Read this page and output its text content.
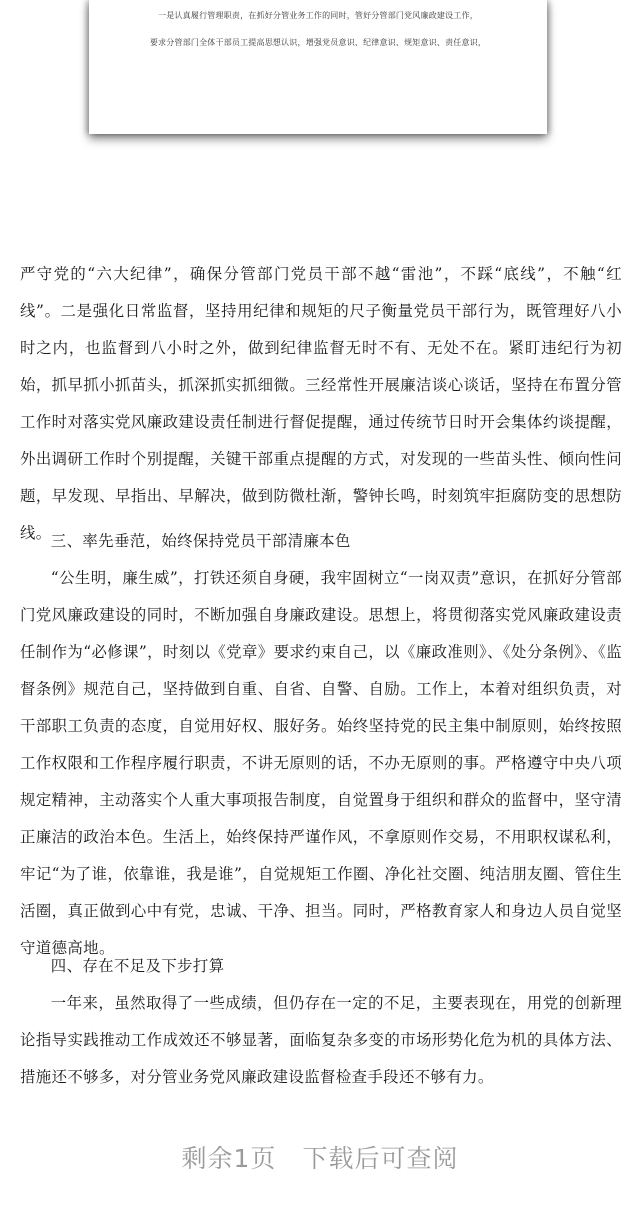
一是认真履行管理职责，在抓好分管业务工作的同时，管好分管部门党风廉政建设工作，
要求分管部门全体干部员工提高思想认识，增强党员意识、纪律意识、规矩意识、责任意识，

严守党的“六大纪律”，确保分管部门党员干部不越“雷池”，不踩“底线”，不触“红线”。二是强化日常监督，坚持用纪律和规矩的尺子衡量党员干部行为，既管理好八小时之内，也监督到八小时之外，做到纪律监督无时不有、无处不在。紧盯违纪行为初始，抓早抓小抓苗头，抓深抓实抓细微。三经常性开展廉洁谈心谈话，坚持在布置分管工作时对落实党风廉政建设责任制进行督促提醒，通过传统节日时开会集体约谈提醒，外出调研工作时个别提醒，关键干部重点提醒的方式，对发现的一些苗头性、倾向性问题，早发现、早指出、早解决，做到防微杜渐，警钟长鸣，时刻筑牢拒腐防变的思想防线。 三、率先垂范，始终保持党员干部清廉本色

“公生明，廉生威”，打铁还须自身硬，我牢固树立“一岗双责”意识，在抓好分管部门党风廉政建设的同时，不断加强自身廉政建设。思想上，将贯彻落实党风廉政建设责任制作为“必修课”，时刻以《党章》要求约束自己，以《廉政准则》、《处分条例》、《监督条例》规范自己，坚持做到自重、自省、自警、自励。工作上，本着对组织负责，对干部职工负责的态度，自觉用好权、服好务。始终坚持党的民主集中制原则，始终按照工作权限和工作程序履行职责，不讲无原则的话，不办无原则的事。严格遵守中央八项规定精神，主动落实个人重大事项报告制度，自觉置身于组织和群众的监督中，坚守清正廉洁的政治本色。生活上，始终保持严谨作风，不拿原则作交易，不用职权谋私利，牢记“为了谁，依靠谁，我是谁”，自觉规矩工作圈、净化社交圈、纯洁朋友圈、管住生活圈，真正做到心中有党，忠诚、干净、担当。同时，严格教育家人和身边人员自觉坚守道德高地。

四、存在不足及下步打算

一年来，虽然取得了一些成绩，但仍存在一定的不足，主要表现在，用党的创新理论指导实践推动工作成效还不够显著，面临复杂多变的市场形势化危为机的具体方法、措施还不够多，对分管业务党风廉政建设监督检查手段还不够有力。

剩余1页 下载后可查阅
